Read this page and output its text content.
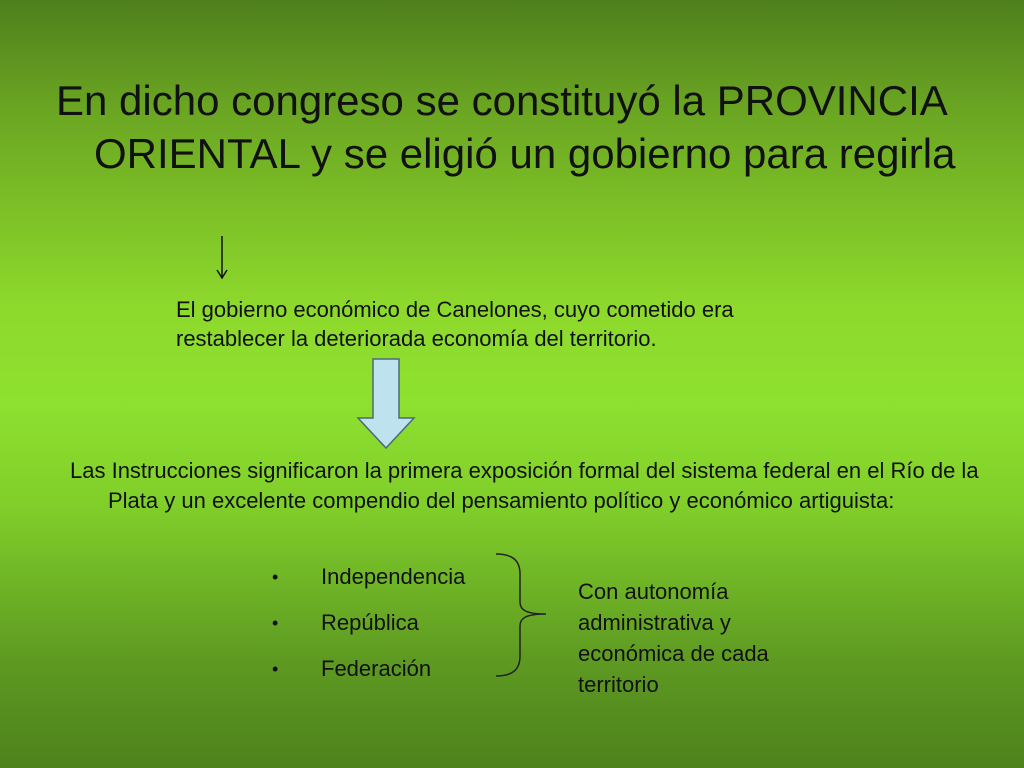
En dicho congreso se constituyó la PROVINCIA ORIENTAL y se eligió un gobierno para regirla

El gobierno económico de Canelones, cuyo cometido era restablecer la deteriorada economía del territorio.

Las Instrucciones significaron la primera exposición formal del sistema federal en el Río de la Plata y un excelente compendio del pensamiento político y económico artiguista:

•	Independencia
•	República
•	Federación

Con autonomía administrativa y económica de cada territorio
